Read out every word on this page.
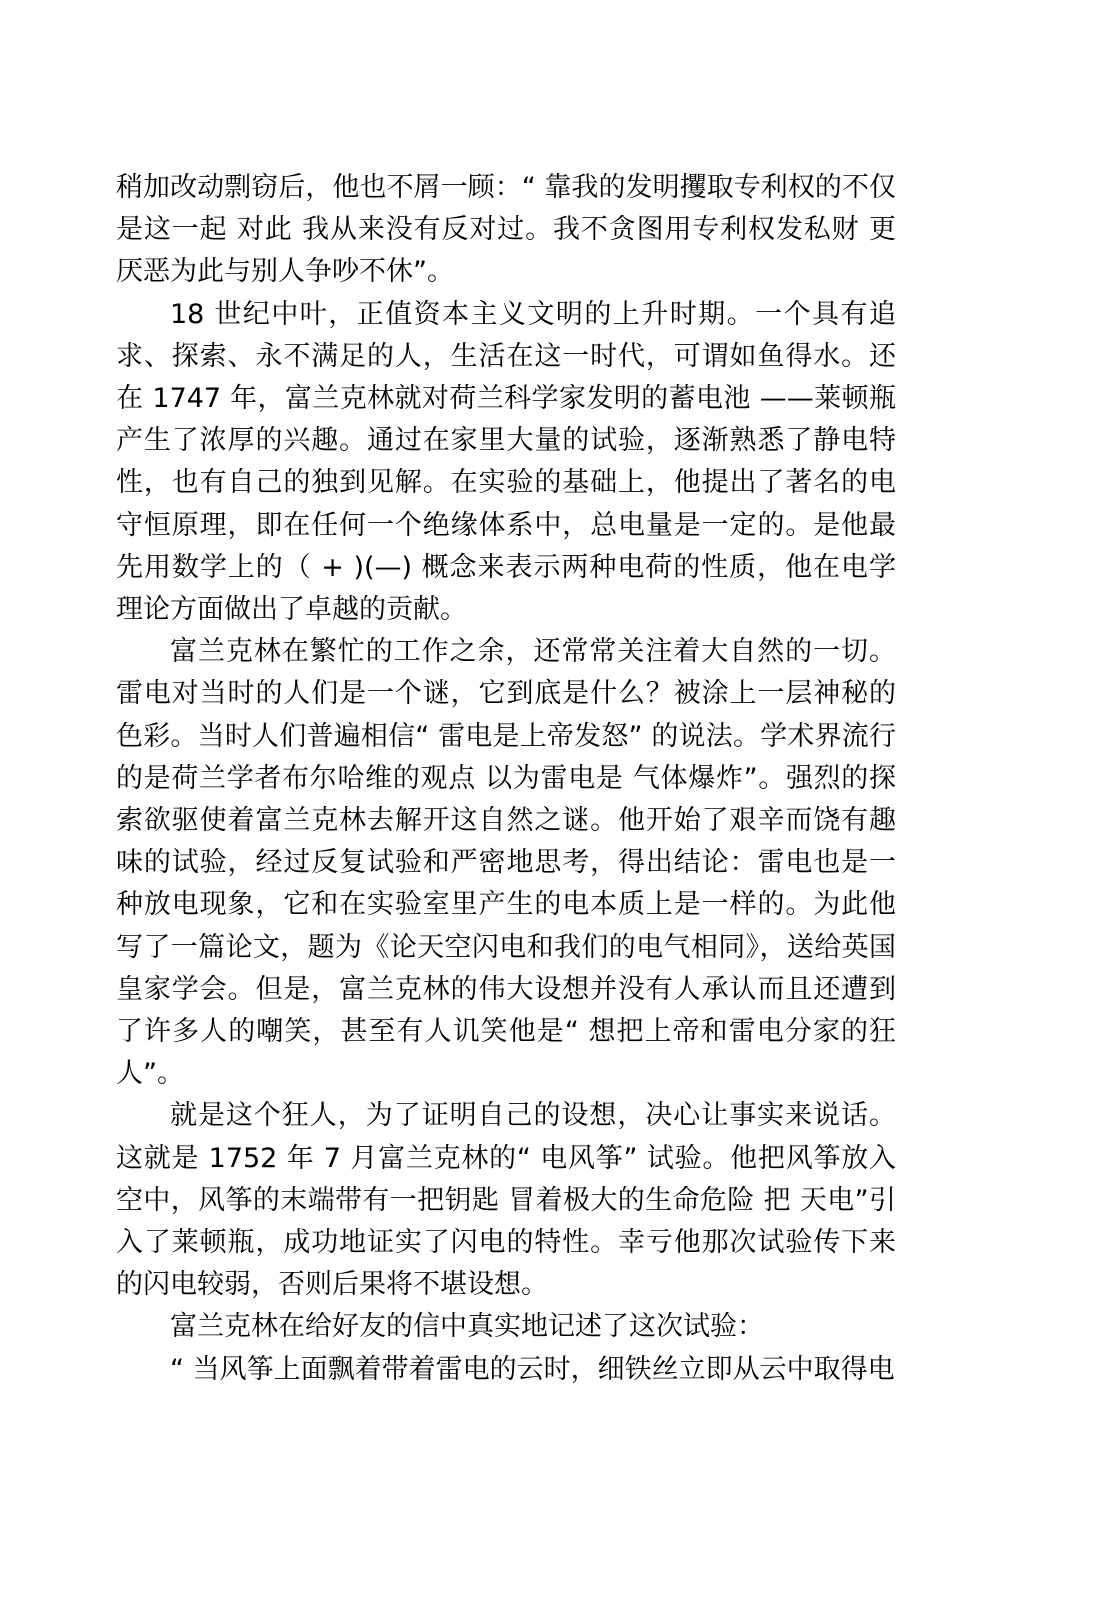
稍加改动剽窃后，他也不屑一顾：“ 靠我的发明攫取专利权的不仅是这一起 对此 我从来没有反对过。我不贪图用专利权发私财 更厌恶为此与别人争吵不休”。

18 世纪中叶，正值资本主义文明的上升时期。一个具有追求、探索、永不满足的人，生活在这一时代，可谓如鱼得水。还在 1747 年，富兰克林就对荷兰科学家发明的蓄电池 ——莱顿瓶产生了浓厚的兴趣。通过在家里大量的试验，逐渐熟悉了静电特性，也有自己的独到见解。在实验的基础上，他提出了著名的电守恒原理，即在任何一个绝缘体系中，总电量是一定的。是他最先用数学上的（ + )(—) 概念来表示两种电荷的性质，他在电学理论方面做出了卓越的贡献。

富兰克林在繁忙的工作之余，还常常关注着大自然的一切。雷电对当时的人们是一个谜，它到底是什么？被涂上一层神秘的色彩。当时人们普遍相信“ 雷电是上帝发怒” 的说法。学术界流行的是荷兰学者布尔哈维的观点 以为雷电是 气体爆炸”。强烈的探索欲驱使着富兰克林去解开这自然之谜。他开始了艰辛而饶有趣味的试验，经过反复试验和严密地思考，得出结论：雷电也是一种放电现象，它和在实验室里产生的电本质上是一样的。为此他写了一篇论文，题为《论天空闪电和我们的电气相同》，送给英国皇家学会。但是，富兰克林的伟大设想并没有人承认而且还遭到了许多人的嘲笑，甚至有人讥笑他是“ 想把上帝和雷电分家的狂人”。

就是这个狂人，为了证明自己的设想，决心让事实来说话。这就是 1752 年 7 月富兰克林的“ 电风筝” 试验。他把风筝放入空中，风筝的末端带有一把钥匙 冒着极大的生命危险 把 天电”引入了莱顿瓶，成功地证实了闪电的特性。幸亏他那次试验传下来的闪电较弱，否则后果将不堪设想。

富兰克林在给好友的信中真实地记述了这次试验：

“ 当风筝上面飘着带着雷电的云时，细铁丝立即从云中取得电
